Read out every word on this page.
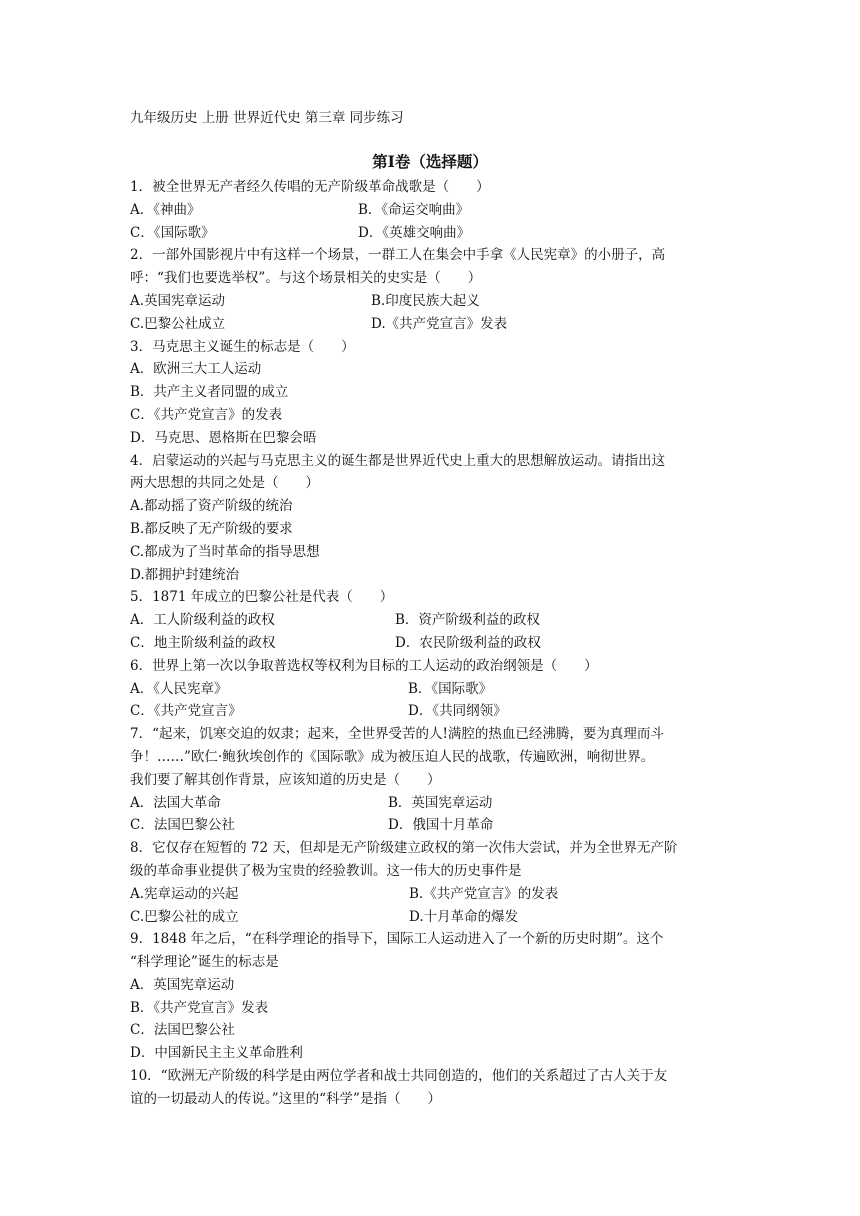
九年级历史 上册 世界近代史 第三章 同步练习
第Ⅰ卷（选择题）
1．被全世界无产者经久传唱的无产阶级革命战歌是（　　）
A．《神曲》	B．《命运交响曲》
C．《国际歌》	D．《英雄交响曲》
2．一部外国影视片中有这样一个场景，一群工人在集会中手拿《人民宪章》的小册子，高
呼：“我们也要选举权”。与这个场景相关的史实是（　　）
A.英国宪章运动	B.印度民族大起义
C.巴黎公社成立	D.《共产党宣言》发表
3．马克思主义诞生的标志是（　　）
A．欧洲三大工人运动
B．共产主义者同盟的成立
C．《共产党宣言》的发表
D．马克思、恩格斯在巴黎会晤
4．启蒙运动的兴起与马克思主义的诞生都是世界近代史上重大的思想解放运动。请指出这
两大思想的共同之处是（　　）
A.都动摇了资产阶级的统治
B.都反映了无产阶级的要求
C.都成为了当时革命的指导思想
D.都拥护封建统治
5．1871 年成立的巴黎公社是代表（　　）
A．工人阶级利益的政权	B．资产阶级利益的政权
C．地主阶级利益的政权	D．农民阶级利益的政权
6．世界上第一次以争取普选权等权利为目标的工人运动的政治纲领是（　　）
A．《人民宪章》	B．《国际歌》
C．《共产党宣言》	D．《共同纲领》
7．“起来，饥寒交迫的奴隶；起来，全世界受苦的人!满腔的热血已经沸腾，要为真理而斗
争！……”欧仁·鲍狄埃创作的《国际歌》成为被压迫人民的战歌，传遍欧洲，响彻世界。
我们要了解其创作背景，应该知道的历史是（　　）
A．法国大革命	B．英国宪章运动
C．法国巴黎公社	D．俄国十月革命
8．它仅存在短暂的 72 天，但却是无产阶级建立政权的第一次伟大尝试，并为全世界无产阶
级的革命事业提供了极为宝贵的经验教训。这一伟大的历史事件是
A.宪章运动的兴起	B.《共产党宣言》的发表
C.巴黎公社的成立	D.十月革命的爆发
9．1848 年之后，“在科学理论的指导下，国际工人运动进入了一个新的历史时期”。这个
“科学理论”诞生的标志是
A．英国宪章运动
B．《共产党宣言》发表
C．法国巴黎公社
D．中国新民主主义革命胜利
10．“欧洲无产阶级的科学是由两位学者和战士共同创造的，他们的关系超过了古人关于友
谊的一切最动人的传说。”这里的“科学”是指（　　）
